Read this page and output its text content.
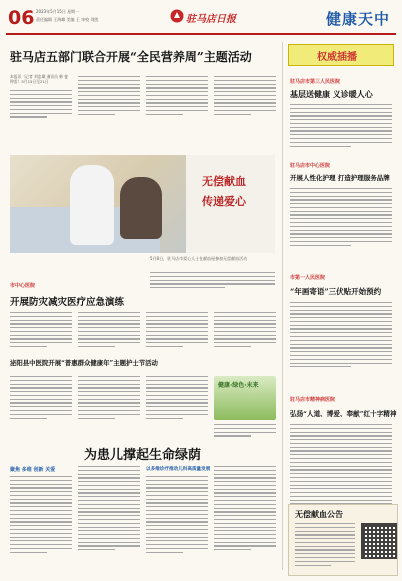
06 2023年5月15日 星期一
责任编辑 王海峰 美编 王 审校 刘凯	驻马店日报	健康天中
驻马店五部门联合开展“全民营养周”主题活动
本报讯（记者 刘忠顺 通讯员 韩 斐 钟雷）5月15日至21日
权威插播
驻马店市第三人民医院
基层送健康 义诊暖人心
驻马店市中心医院
开展人性化护理 打造护理服务品牌
市第一人民医院
“年画寄语”三伏贴开始预约
驻马店市精神病医院
弘扬“人道、博爱、奉献”红十字精神
无偿献血
传递爱心
5月8日，驻马店市爱心人士在献血屋参加无偿献血活动
市中心医院
开展防灾减灾医疗应急演练
泌阳县中医院开展“普惠群众健康年”主题护士节活动
健康·绿色·未来
为患儿撑起生命绿荫
聚焦 多维 创新 关爱	以多维诊疗推动儿科高质量发展
无偿献血公告
